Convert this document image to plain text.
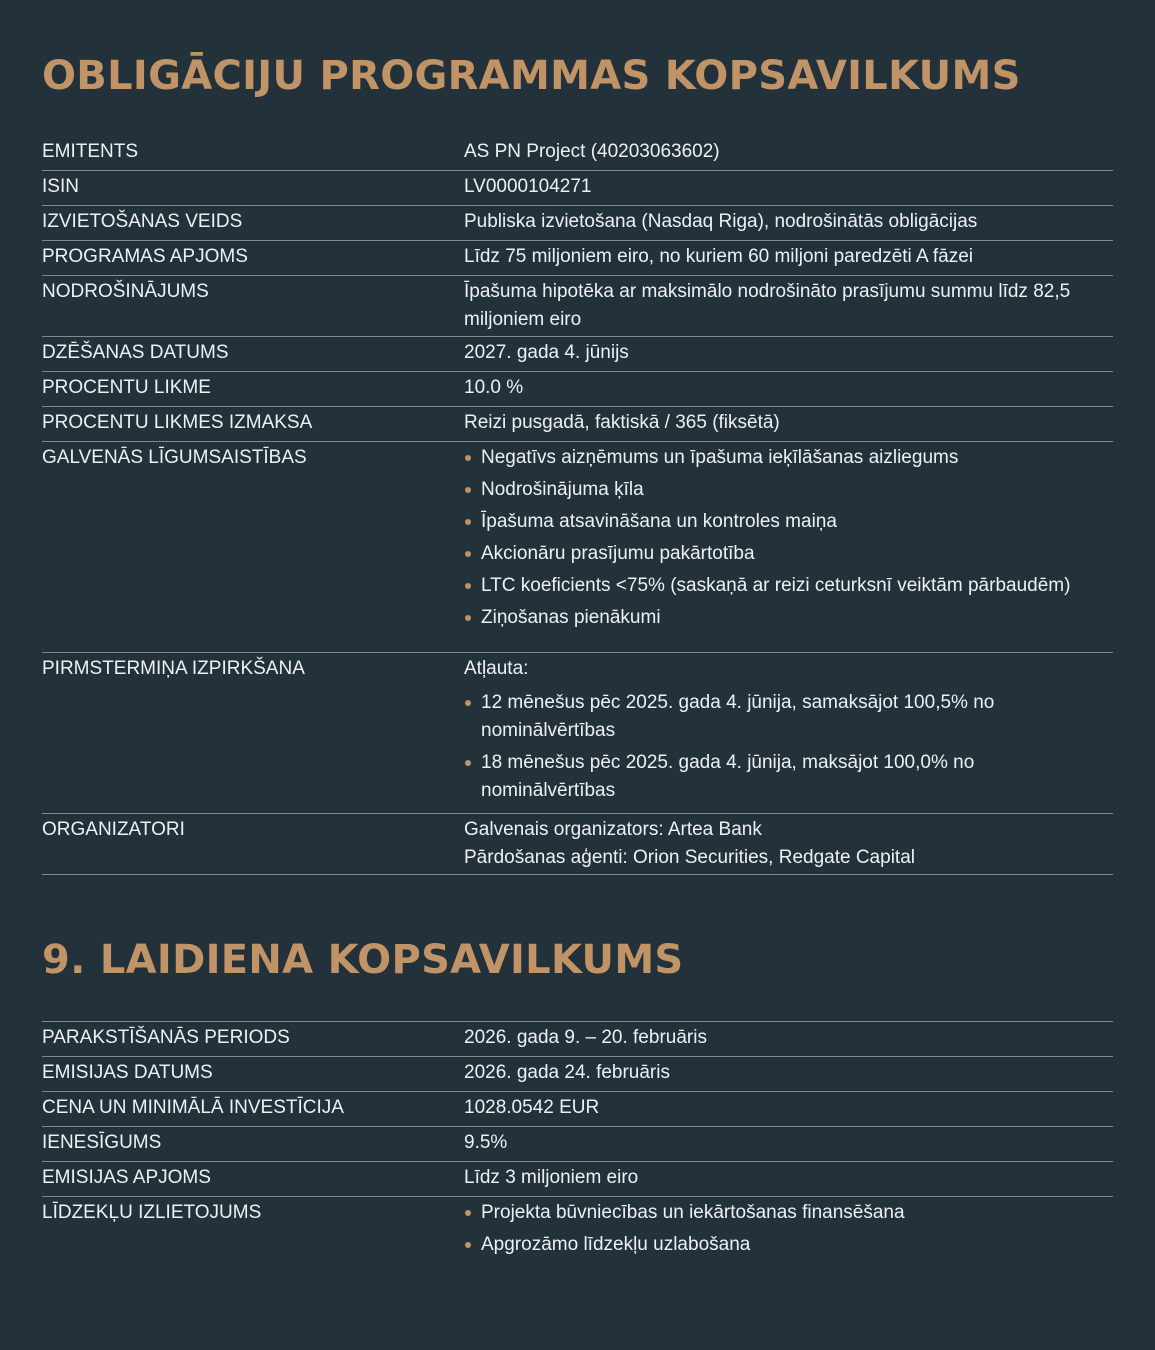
OBLIGĀCIJU PROGRAMMAS KOPSAVILKUMS
EMITENTS	AS PN Project (40203063602)
ISIN	LV0000104271
IZVIETOŠANAS VEIDS	Publiska izvietošana (Nasdaq Riga), nodrošinātās obligācijas
PROGRAMAS APJOMS	Līdz 75 miljoniem eiro, no kuriem 60 miljoni paredzēti A fāzei
NODROŠINĀJUMS	Īpašuma hipotēka ar maksimālo nodrošināto prasījumu summu līdz 82,5 miljoniem eiro
DZĒŠANAS DATUMS	2027. gada 4. jūnijs
PROCENTU LIKME	10.0 %
PROCENTU LIKMES IZMAKSA	Reizi pusgadā, faktiskā / 365 (fiksētā)
GALVENĀS LĪGUMSAISTĪBAS	Negatīvs aizņēmums un īpašuma ieķīlāšanas aizliegums
Nodrošinājuma ķīla
Īpašuma atsavināšana un kontroles maiņa
Akcionāru prasījumu pakārtotība
LTC koeficients <75% (saskaņā ar reizi ceturksnī veiktām pārbaudēm)
Ziņošanas pienākumi
PIRMSTERMIŅA IZPIRKŠANA	Atļauta:
12 mēnešus pēc 2025. gada 4. jūnija, samaksājot 100,5% no nominālvērtības
18 mēnešus pēc 2025. gada 4. jūnija, maksājot 100,0% no nominālvērtības
ORGANIZATORI	Galvenais organizators: Artea Bank
Pārdošanas aģenti: Orion Securities, Redgate Capital
9. LAIDIENA KOPSAVILKUMS
PARAKSTĪŠANĀS PERIODS	2026. gada 9. – 20. februāris
EMISIJAS DATUMS	2026. gada 24. februāris
CENA UN MINIMĀLĀ INVESTĪCIJA	1028.0542 EUR
IENESĪGUMS	9.5%
EMISIJAS APJOMS	Līdz 3 miljoniem eiro
LĪDZEKĻU IZLIETOJUMS	Projekta būvniecības un iekārtošanas finansēšana
Apgrozāmo līdzekļu uzlabošana
